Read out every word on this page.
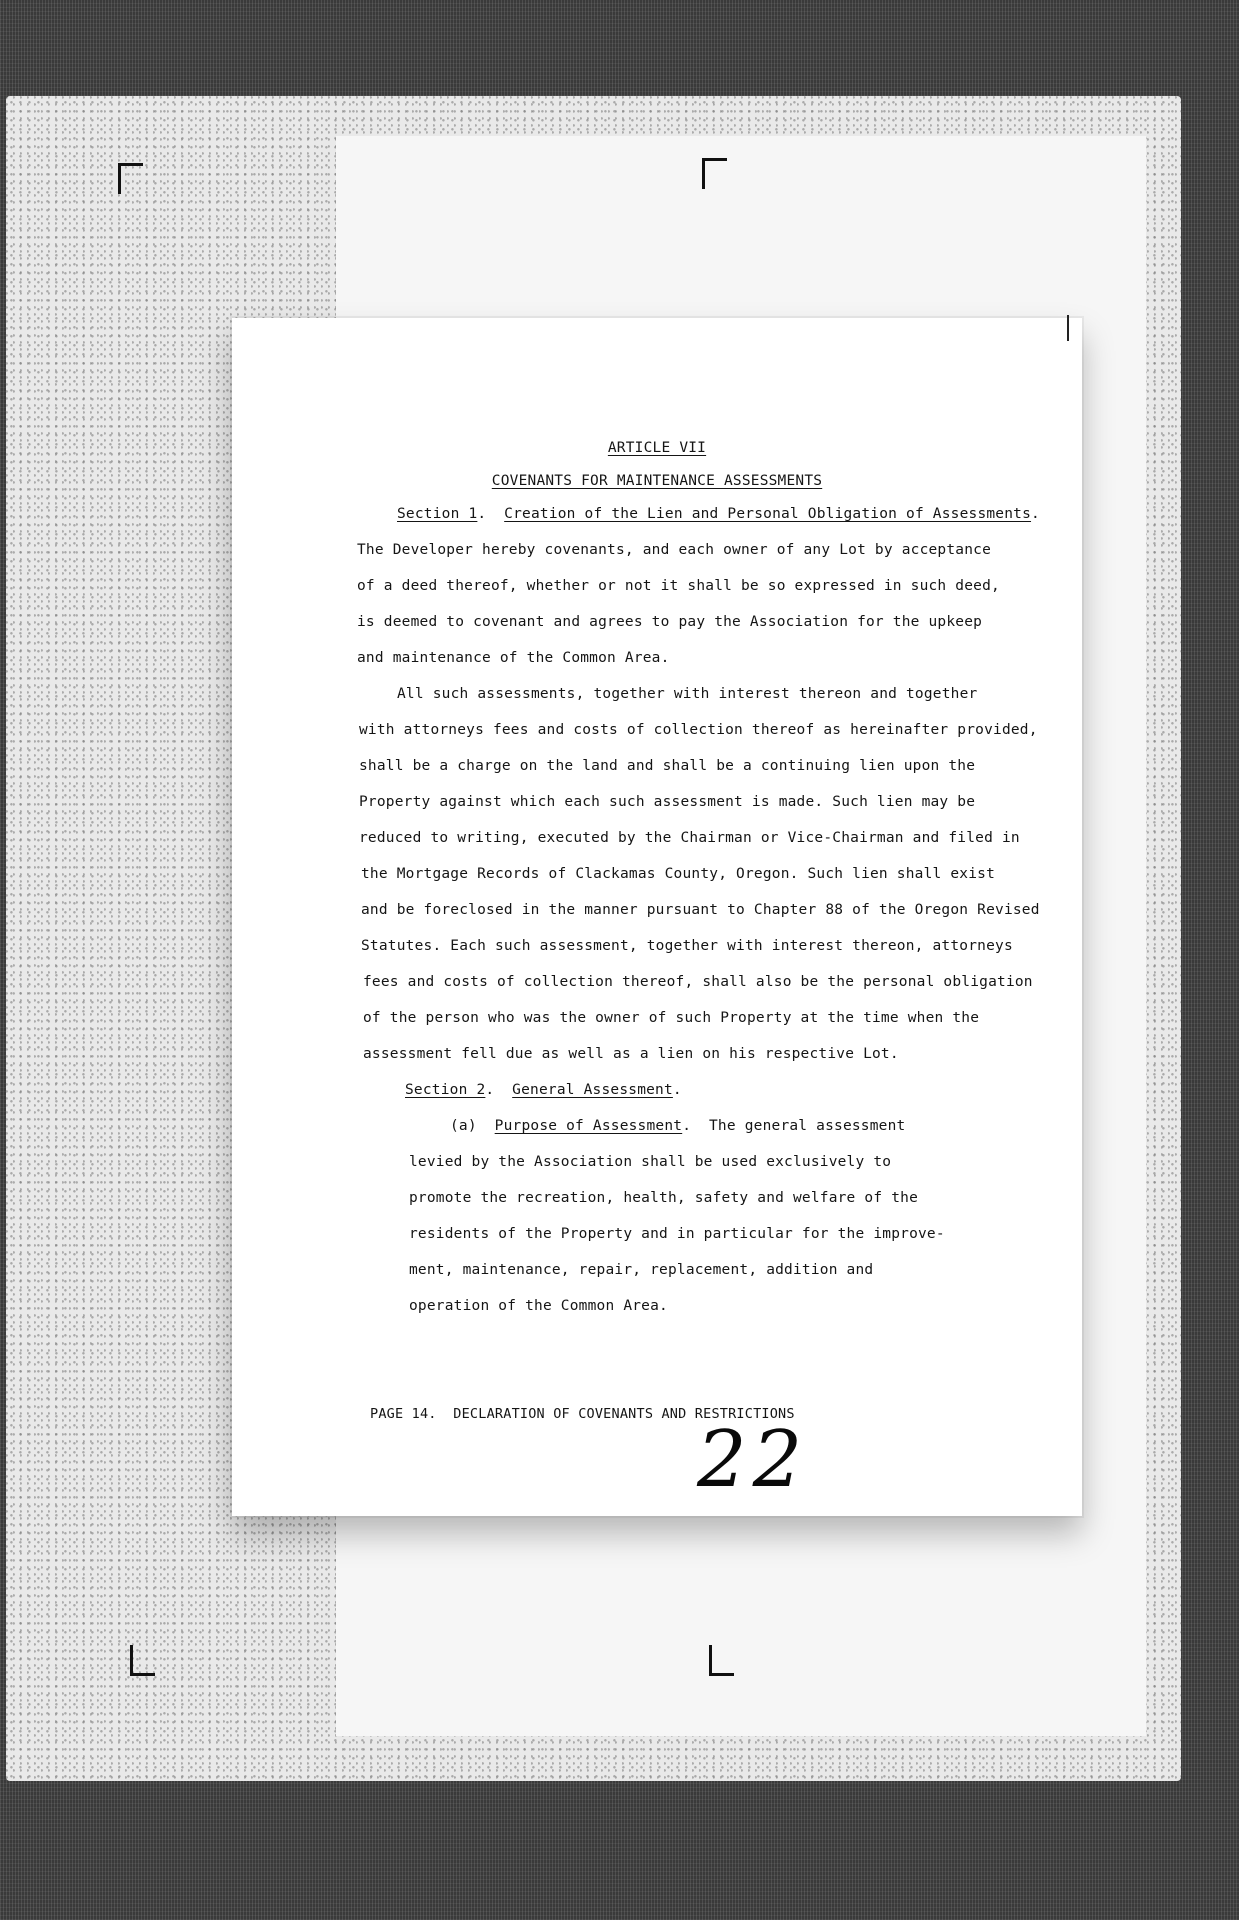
ARTICLE VII
COVENANTS FOR MAINTENANCE ASSESSMENTS
Section 1.  Creation of the Lien and Personal Obligation of Assessments.
The Developer hereby covenants, and each owner of any Lot by acceptance
of a deed thereof, whether or not it shall be so expressed in such deed,
is deemed to covenant and agrees to pay the Association for the upkeep
and maintenance of the Common Area.
All such assessments, together with interest thereon and together
with attorneys fees and costs of collection thereof as hereinafter provided,
shall be a charge on the land and shall be a continuing lien upon the
Property against which each such assessment is made. Such lien may be
reduced to writing, executed by the Chairman or Vice-Chairman and filed in
the Mortgage Records of Clackamas County, Oregon. Such lien shall exist
and be foreclosed in the manner pursuant to Chapter 88 of the Oregon Revised
Statutes. Each such assessment, together with interest thereon, attorneys
fees and costs of collection thereof, shall also be the personal obligation
of the person who was the owner of such Property at the time when the
assessment fell due as well as a lien on his respective Lot.
Section 2.  General Assessment.
(a) Purpose of Assessment.  The general assessment
levied by the Association shall be used exclusively to
promote the recreation, health, safety and welfare of the
residents of the Property and in particular for the improve-
ment, maintenance, repair, replacement, addition and
operation of the Common Area.
PAGE 14. DECLARATION OF COVENANTS AND RESTRICTIONS
22
